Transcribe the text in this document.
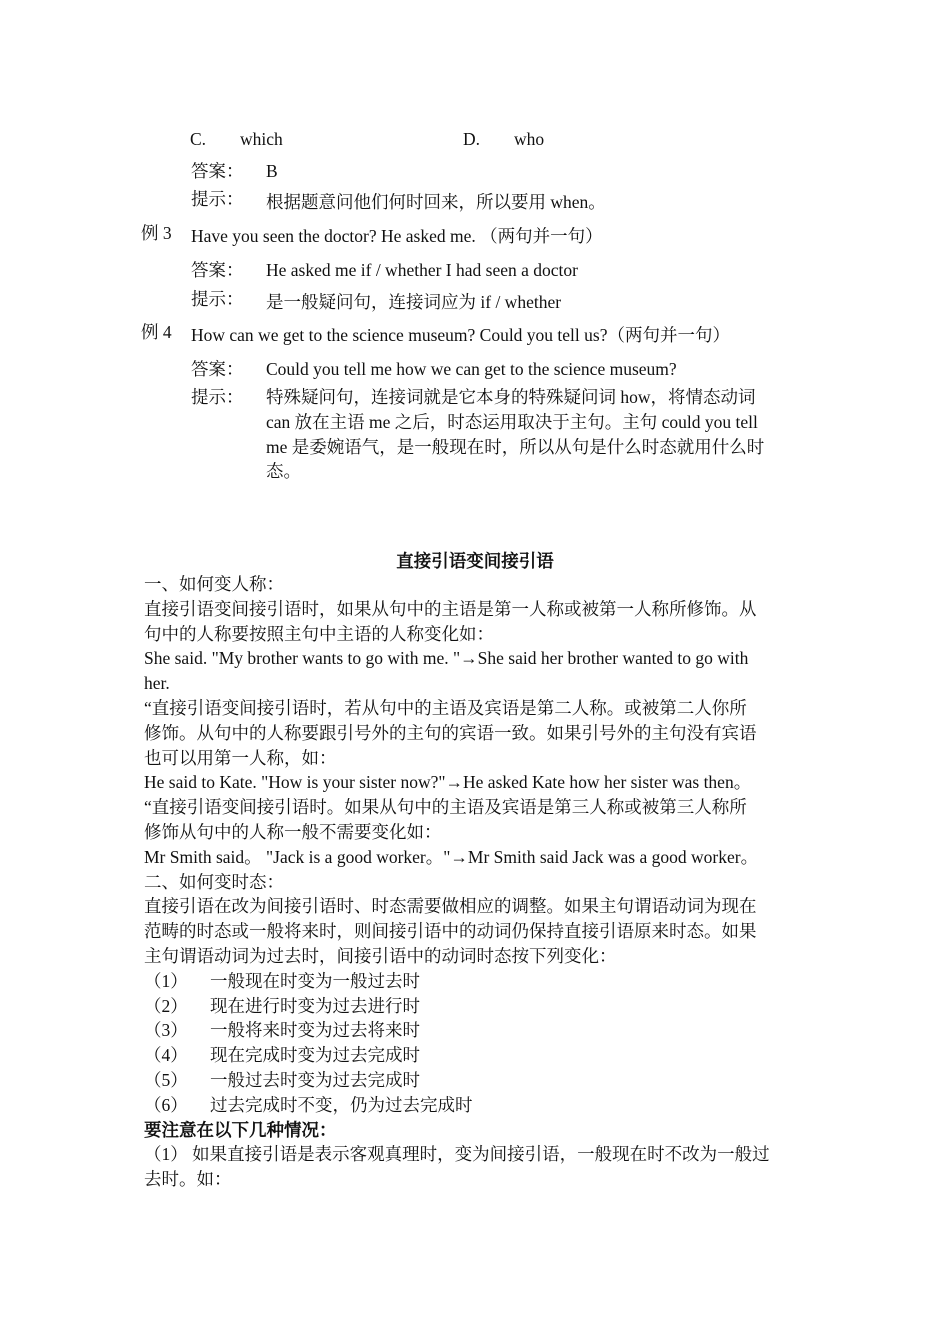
C. which	D. who
答案： B
提示： 根据题意问他们何时回来，所以要用 when。
例 3 Have you seen the doctor? He asked me. （两句并一句）
答案： He asked me if / whether I had seen a doctor
提示： 是一般疑问句，连接词应为 if / whether
例 4 How can we get to the science museum? Could you tell us?（两句并一句）
答案： Could you tell me how we can get to the science museum?
提示： 特殊疑问句，连接词就是它本身的特殊疑问词 how，将情态动词
can 放在主语 me 之后，时态运用取决于主句。主句 could you tell
me 是委婉语气，是一般现在时，所以从句是什么时态就用什么时
态。
直接引语变间接引语
一、如何变人称：
直接引语变间接引语时，如果从句中的主语是第一人称或被第一人称所修饰。从
句中的人称要按照主句中主语的人称变化如：
She said. "My brother wants to go with me. "→She said her brother wanted to go with
her.
“直接引语变间接引语时，若从句中的主语及宾语是第二人称。或被第二人你所
修饰。从句中的人称要跟引号外的主句的宾语一致。如果引号外的主句没有宾语
也可以用第一人称，如：
He said to Kate. "How is your sister now?"→He asked Kate how her sister was then。
“直接引语变间接引语时。如果从句中的主语及宾语是第三人称或被第三人称所
修饰从句中的人称一般不需要变化如：
Mr Smith said。 "Jack is a good worker。"→Mr Smith said Jack was a good worker。
二、如何变时态：
直接引语在改为间接引语时、时态需要做相应的调整。如果主句谓语动词为现在
范畴的时态或一般将来时，则间接引语中的动词仍保持直接引语原来时态。如果
主句谓语动词为过去时，间接引语中的动词时态按下列变化：
（1） 一般现在时变为一般过去时
（2） 现在进行时变为过去进行时
（3） 一般将来时变为过去将来时
（4） 现在完成时变为过去完成时
（5） 一般过去时变为过去完成时
（6） 过去完成时不变，仍为过去完成时
要注意在以下几种情况：
（1） 如果直接引语是表示客观真理时，变为间接引语，一般现在时不改为一般过
去时。如：
